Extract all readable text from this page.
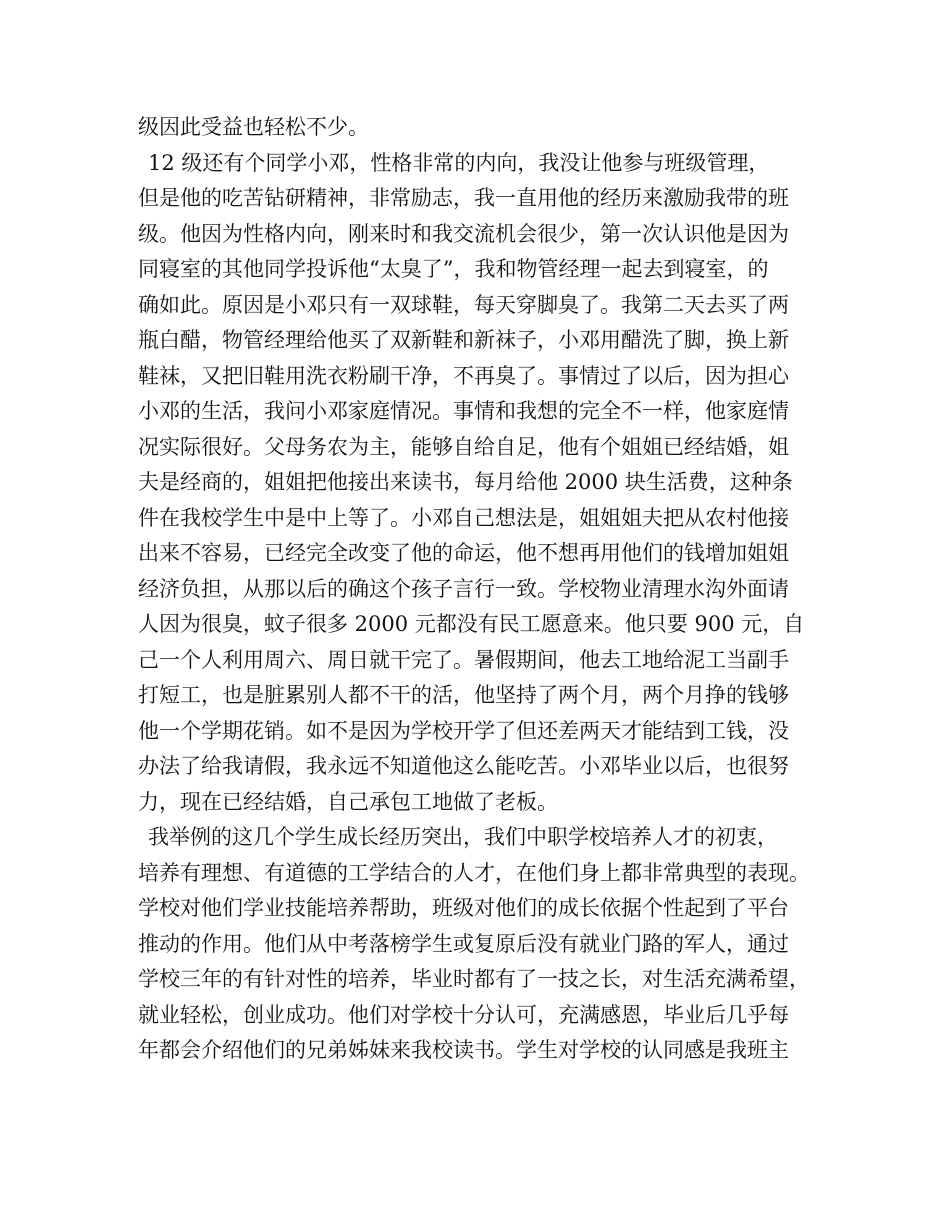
级因此受益也轻松不少。
12 级还有个同学小邓，性格非常的内向，我没让他参与班级管理，
但是他的吃苦钻研精神，非常励志，我一直用他的经历来激励我带的班
级。他因为性格内向，刚来时和我交流机会很少，第一次认识他是因为
同寝室的其他同学投诉他“太臭了”，我和物管经理一起去到寝室，的
确如此。原因是小邓只有一双球鞋，每天穿脚臭了。我第二天去买了两
瓶白醋，物管经理给他买了双新鞋和新袜子，小邓用醋洗了脚，换上新
鞋袜，又把旧鞋用洗衣粉刷干净，不再臭了。事情过了以后，因为担心
小邓的生活，我问小邓家庭情况。事情和我想的完全不一样，他家庭情
况实际很好。父母务农为主，能够自给自足，他有个姐姐已经结婚，姐
夫是经商的，姐姐把他接出来读书，每月给他 2000 块生活费，这种条
件在我校学生中是中上等了。小邓自己想法是，姐姐姐夫把从农村他接
出来不容易，已经完全改变了他的命运，他不想再用他们的钱增加姐姐
经济负担，从那以后的确这个孩子言行一致。学校物业清理水沟外面请
人因为很臭，蚊子很多 2000 元都没有民工愿意来。他只要 900 元，自
己一个人利用周六、周日就干完了。暑假期间，他去工地给泥工当副手
打短工，也是脏累别人都不干的活，他坚持了两个月，两个月挣的钱够
他一个学期花销。如不是因为学校开学了但还差两天才能结到工钱，没
办法了给我请假，我永远不知道他这么能吃苦。小邓毕业以后，也很努
力，现在已经结婚，自己承包工地做了老板。
我举例的这几个学生成长经历突出，我们中职学校培养人才的初衷，
培养有理想、有道德的工学结合的人才，在他们身上都非常典型的表现。
学校对他们学业技能培养帮助，班级对他们的成长依据个性起到了平台
推动的作用。他们从中考落榜学生或复原后没有就业门路的军人，通过
学校三年的有针对性的培养，毕业时都有了一技之长，对生活充满希望，
就业轻松，创业成功。他们对学校十分认可，充满感恩，毕业后几乎每
年都会介绍他们的兄弟姊妹来我校读书。学生对学校的认同感是我班主
